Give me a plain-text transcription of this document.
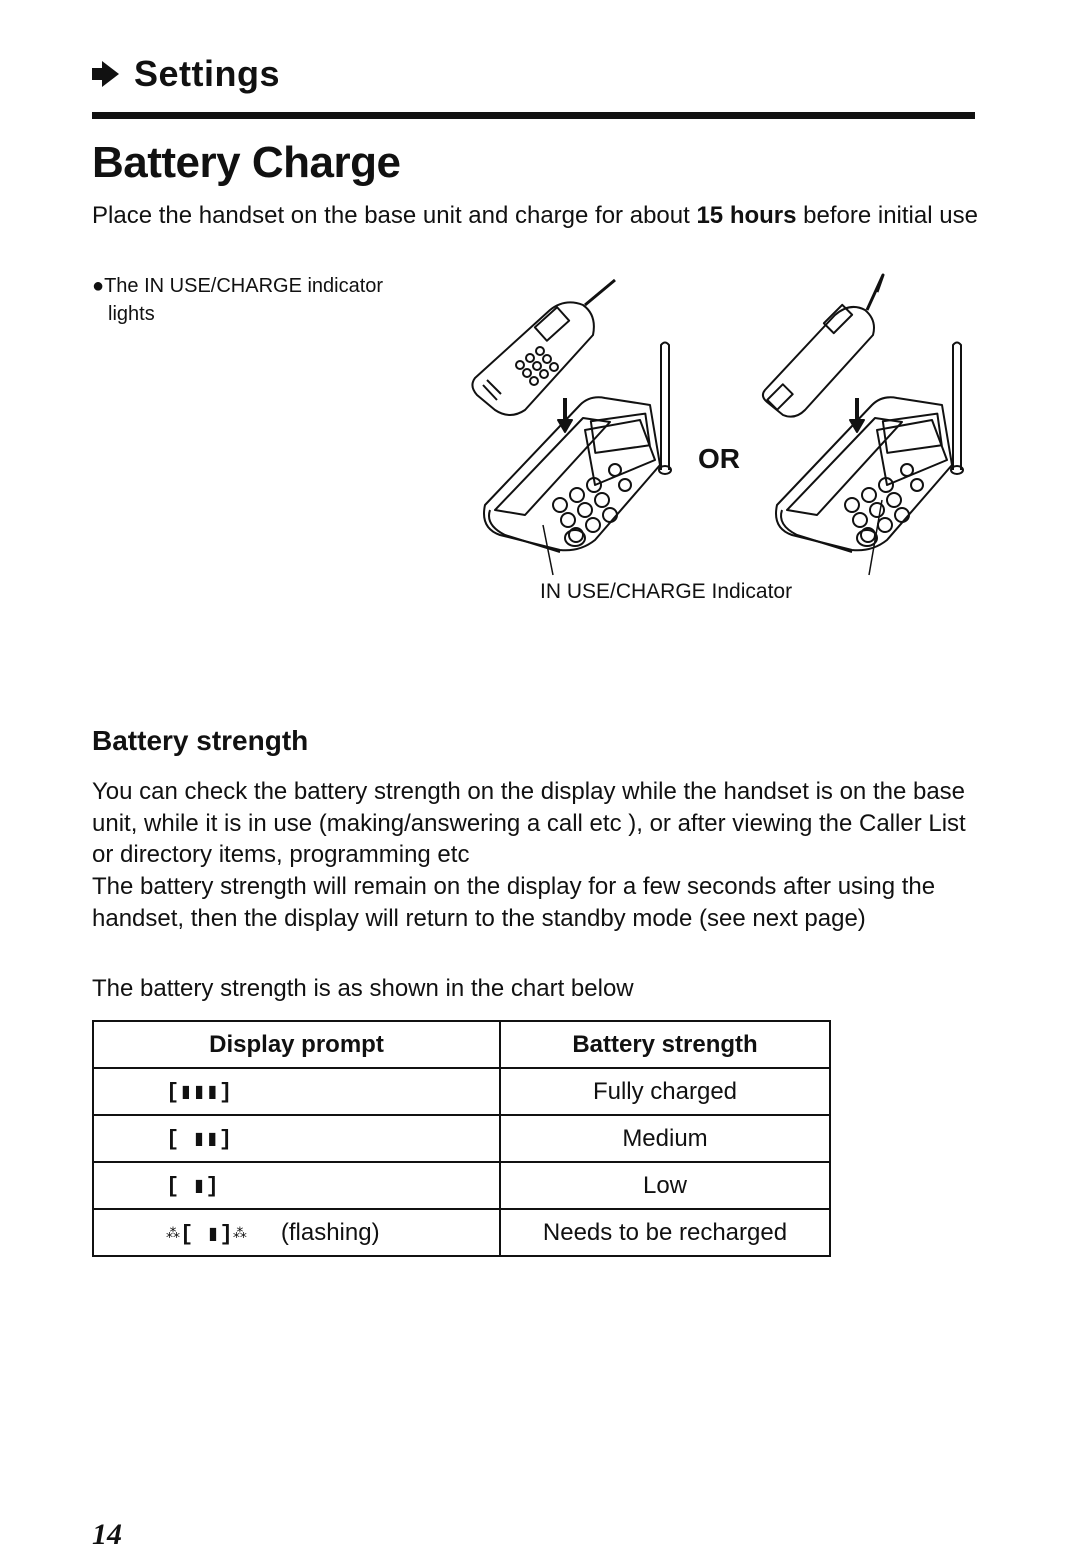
Settings
Battery Charge
Place the handset on the base unit and charge for about 15 hours before initial use
●The IN USE/CHARGE indicator
lights
OR
IN USE/CHARGE Indicator
Battery strength
You can check the battery strength on the display while the handset is on the base unit, while it is in use (making/answering a call etc ), or after viewing the Caller List or directory items, programming etc
The battery strength will remain on the display for a few seconds after using the handset, then the display will return to the standby mode (see next page)
The battery strength is as shown in the chart below
Display prompt	Battery strength
[▮▮▮]	Fully charged
[ ▮▮]	Medium
[ ▮]	Low
⁂[ ▮]⁂ (flashing)	Needs to be recharged
14
